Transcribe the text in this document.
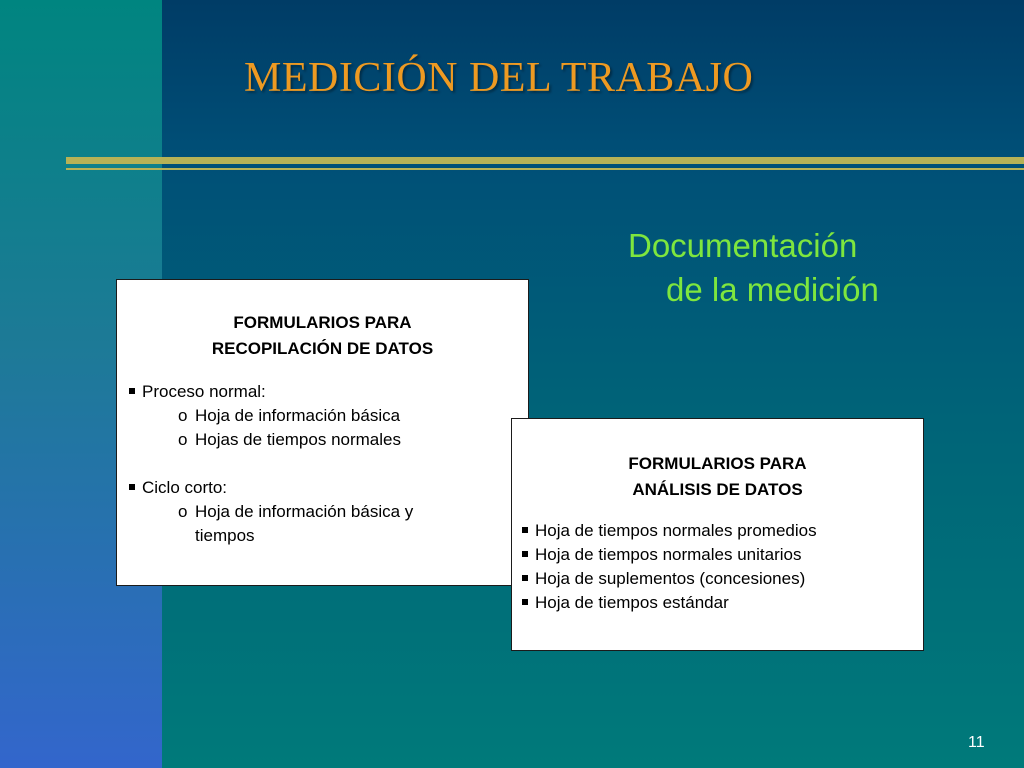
MEDICIÓN DEL TRABAJO
Documentación
de la medición
FORMULARIOS PARA
RECOPILACIÓN DE DATOS
Proceso normal:
o Hoja de información básica
o Hojas de tiempos normales
Ciclo corto:
o Hoja de información básica y
tiempos
FORMULARIOS PARA
ANÁLISIS DE DATOS
Hoja de tiempos normales promedios
Hoja de tiempos normales unitarios
Hoja de suplementos (concesiones)
Hoja de tiempos estándar
11
